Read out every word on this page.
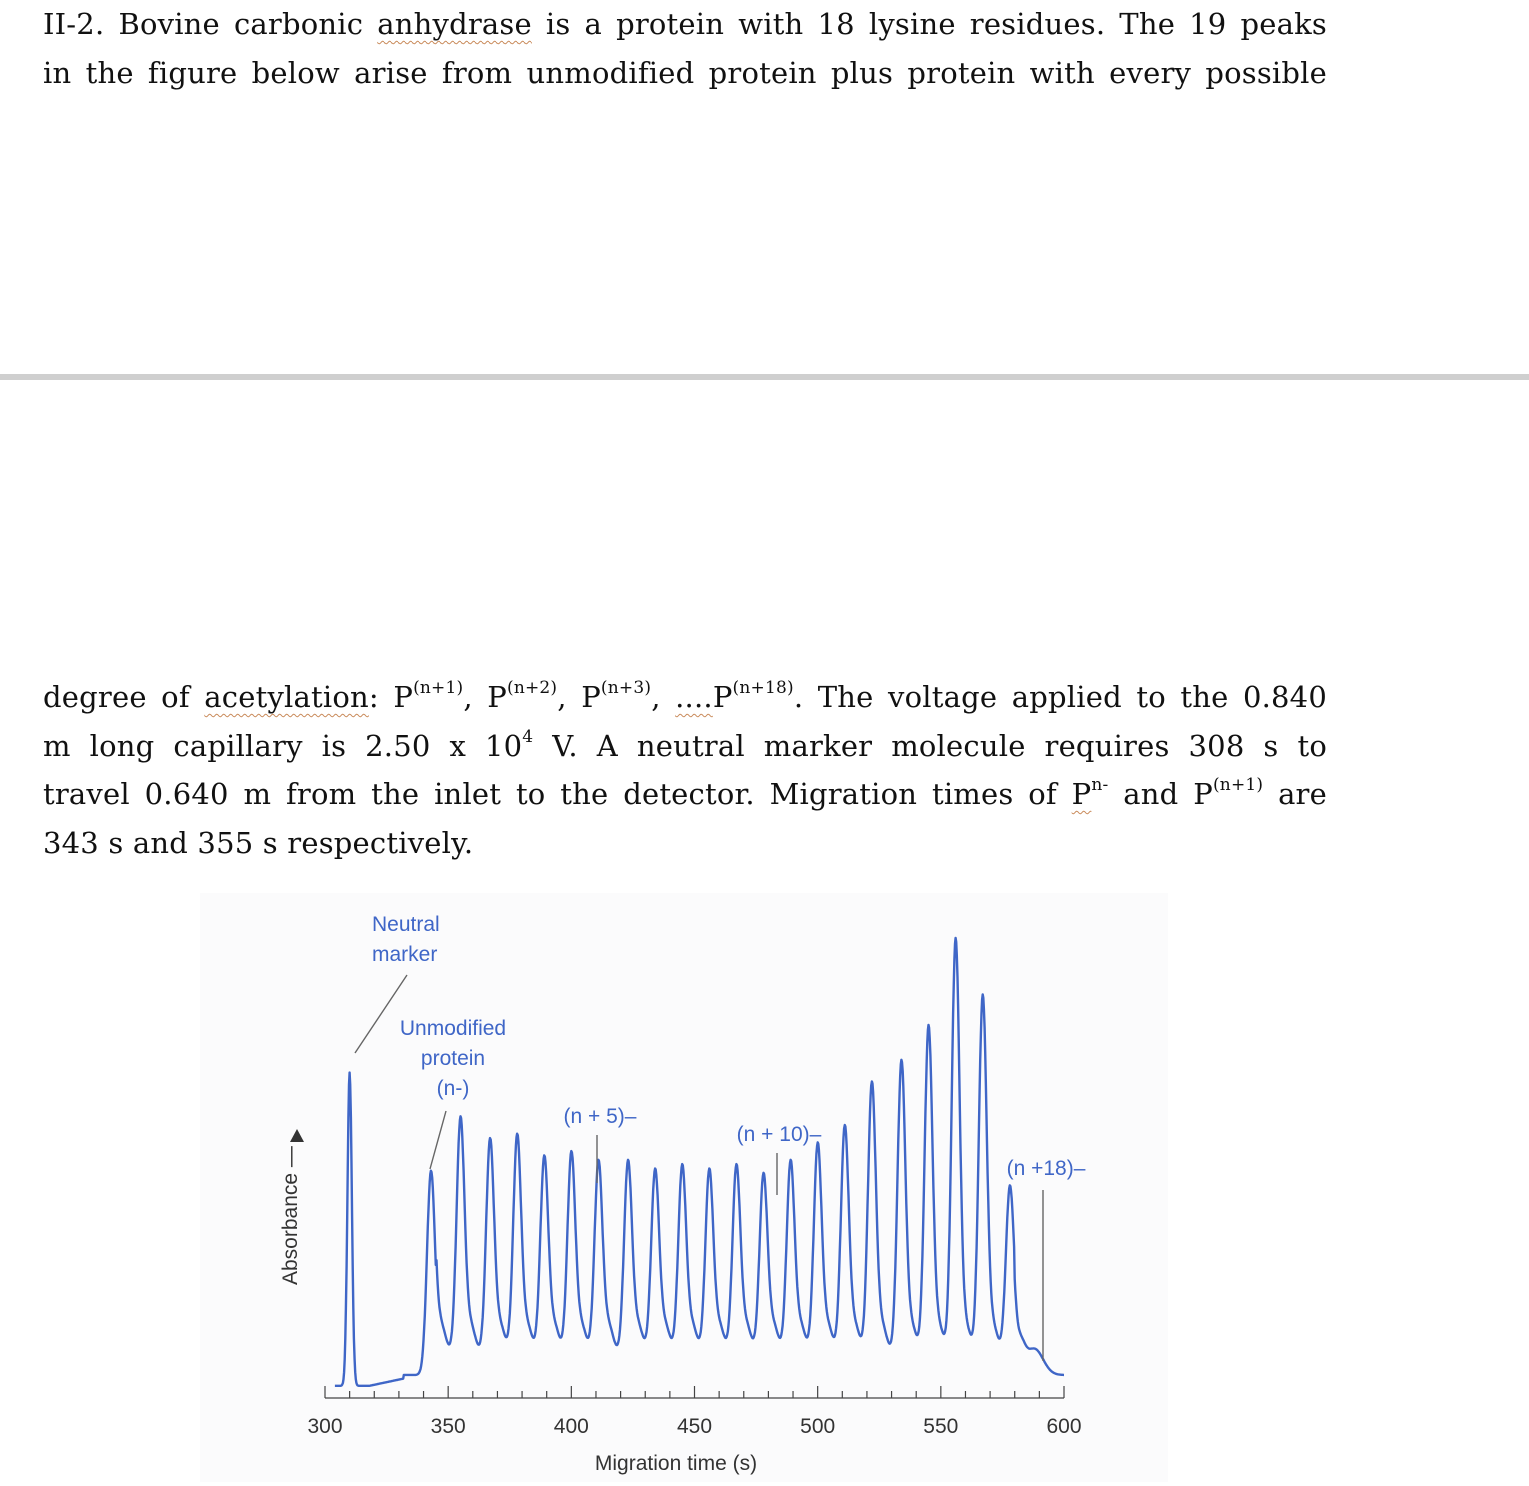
II-2. Bovine carbonic anhydrase is a protein with 18 lysine residues. The 19 peaks
in the figure below arise from unmodified protein plus protein with every possible
degree of acetylation: $P^{(n+1)}$, $P^{(n+2)}$, $P^{(n+3)}$, $....P^{(n+18)}$. The voltage applied to the 0.840
m long capillary is 2.50 x $10^4$ V. A neutral marker molecule requires 308 s to
travel 0.640 m from the inlet to the detector. Migration times of $P^{n-}$ and $P^{(n+1)}$ are
343 s and 355 s respectively.
300	350	400	450	500	550	600
Neutral marker
Unmodified protein (n-)
(n + 5)–
(n + 10)–
(n +18)–
Migration time (s)
Absorbance —
